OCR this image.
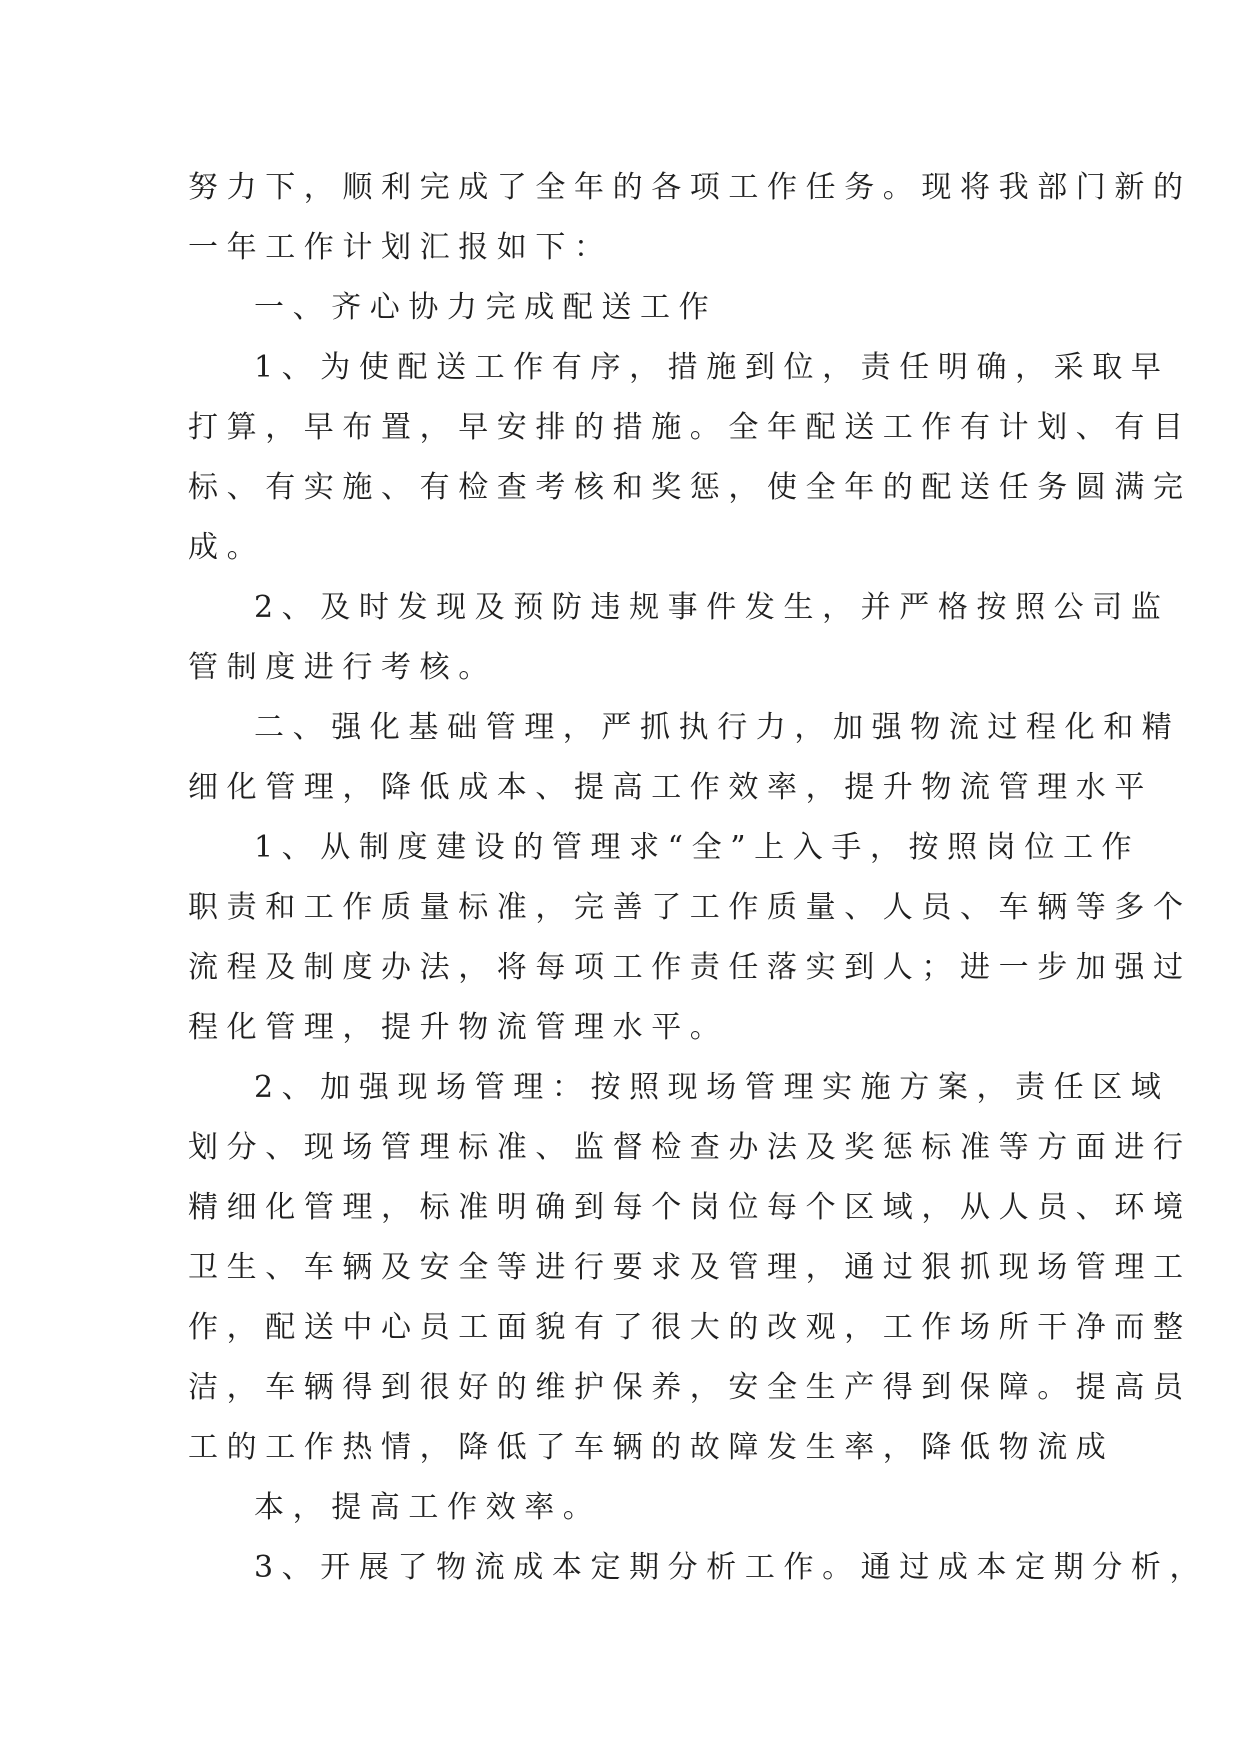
努力下，顺利完成了全年的各项工作任务。现将我部门新的
一年工作计划汇报如下：
一、齐心协力完成配送工作
1、为使配送工作有序，措施到位，责任明确，采取早
打算，早布置，早安排的措施。全年配送工作有计划、有目
标、有实施、有检查考核和奖惩，使全年的配送任务圆满完
成。
2、及时发现及预防违规事件发生，并严格按照公司监
管制度进行考核。
二、强化基础管理，严抓执行力，加强物流过程化和精
细化管理，降低成本、提高工作效率，提升物流管理水平
1、从制度建设的管理求“全”上入手，按照岗位工作
职责和工作质量标准，完善了工作质量、人员、车辆等多个
流程及制度办法，将每项工作责任落实到人；进一步加强过
程化管理，提升物流管理水平。
2、加强现场管理：按照现场管理实施方案，责任区域
划分、现场管理标准、监督检查办法及奖惩标准等方面进行
精细化管理，标准明确到每个岗位每个区域，从人员、环境
卫生、车辆及安全等进行要求及管理，通过狠抓现场管理工
作，配送中心员工面貌有了很大的改观，工作场所干净而整
洁，车辆得到很好的维护保养，安全生产得到保障。提高员
工的工作热情，降低了车辆的故障发生率，降低物流成
本，提高工作效率。
3、开展了物流成本定期分析工作。通过成本定期分析，
